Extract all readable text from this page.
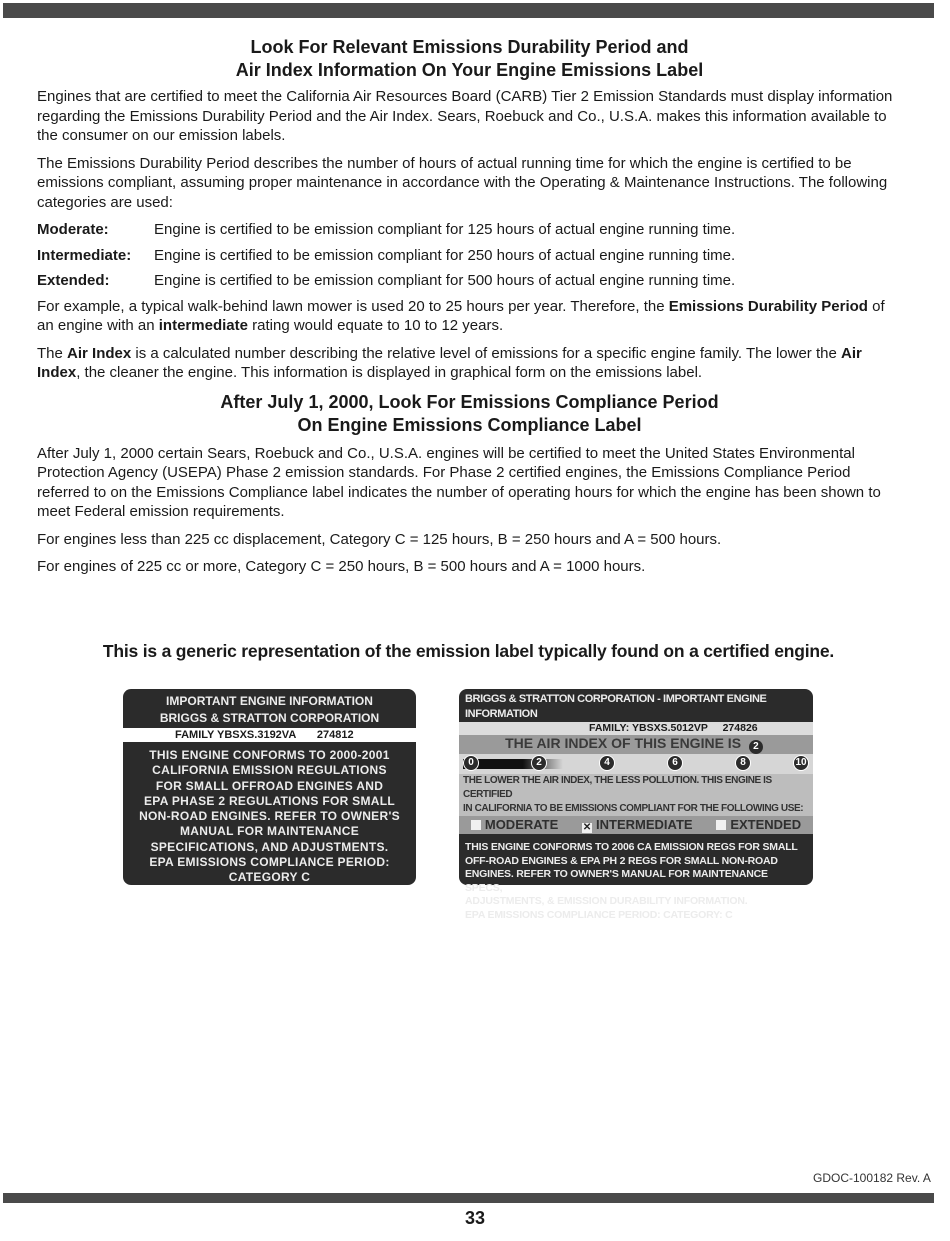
Look For Relevant Emissions Durability Period and
Air Index Information On Your Engine Emissions Label

Engines that are certified to meet the California Air Resources Board (CARB) Tier 2 Emission Standards must display information regarding the Emissions Durability Period and the Air Index. Sears, Roebuck and Co., U.S.A. makes this information available to the consumer on our emission labels.

The Emissions Durability Period describes the number of hours of actual running time for which the engine is certified to be emissions compliant, assuming proper maintenance in accordance with the Operating & Maintenance Instructions. The following categories are used:

Moderate:	Engine is certified to be emission compliant for 125 hours of actual engine running time.
Intermediate:	Engine is certified to be emission compliant for 250 hours of actual engine running time.
Extended:	Engine is certified to be emission compliant for 500 hours of actual engine running time.

For example, a typical walk-behind lawn mower is used 20 to 25 hours per year. Therefore, the Emissions Durability Period of an engine with an intermediate rating would equate to 10 to 12 years.

The Air Index is a calculated number describing the relative level of emissions for a specific engine family. The lower the Air Index, the cleaner the engine. This information is displayed in graphical form on the emissions label.

After July 1, 2000, Look For Emissions Compliance Period
On Engine Emissions Compliance Label

After July 1, 2000 certain Sears, Roebuck and Co., U.S.A. engines will be certified to meet the United States Environmental Protection Agency (USEPA) Phase 2 emission standards. For Phase 2 certified engines, the Emissions Compliance Period referred to on the Emissions Compliance label indicates the number of operating hours for which the engine has been shown to meet Federal emission requirements.

For engines less than 225 cc displacement, Category C = 125 hours, B = 250 hours and A = 500 hours.

For engines of 225 cc or more, Category C = 250 hours, B = 500 hours and A = 1000 hours.

This is a generic representation of the emission label typically found on a certified engine.
IMPORTANT ENGINE INFORMATION
BRIGGS & STRATTON CORPORATION
FAMILY YBSXS.3192VA 274812
THIS ENGINE CONFORMS TO 2000-2001
CALIFORNIA EMISSION REGULATIONS
FOR SMALL OFFROAD ENGINES AND
EPA PHASE 2 REGULATIONS FOR SMALL
NON-ROAD ENGINES. REFER TO OWNER'S
MANUAL FOR MAINTENANCE
SPECIFICATIONS, AND ADJUSTMENTS.
EPA EMISSIONS COMPLIANCE PERIOD:
CATEGORY C
BRIGGS & STRATTON CORPORATION - IMPORTANT ENGINE INFORMATION
FAMILY: YBSXS.5012VP 274826
THE AIR INDEX OF THIS ENGINE IS 2
0	2	4	6	8	10
THE LOWER THE AIR INDEX, THE LESS POLLUTION. THIS ENGINE IS CERTIFIED
IN CALIFORNIA TO BE EMISSIONS COMPLIANT FOR THE FOLLOWING USE:
MODERATE ✕ INTERMEDIATE	EXTENDED
THIS ENGINE CONFORMS TO 2006 CA EMISSION REGS FOR SMALL
OFF-ROAD ENGINES & EPA PH 2 REGS FOR SMALL NON-ROAD
ENGINES. REFER TO OWNER'S MANUAL FOR MAINTENANCE SPECS,
ADJUSTMENTS, & EMISSION DURABILITY INFORMATION.
EPA EMISSIONS COMPLIANCE PERIOD: CATEGORY: C
GDOC-100182 Rev. A
33
